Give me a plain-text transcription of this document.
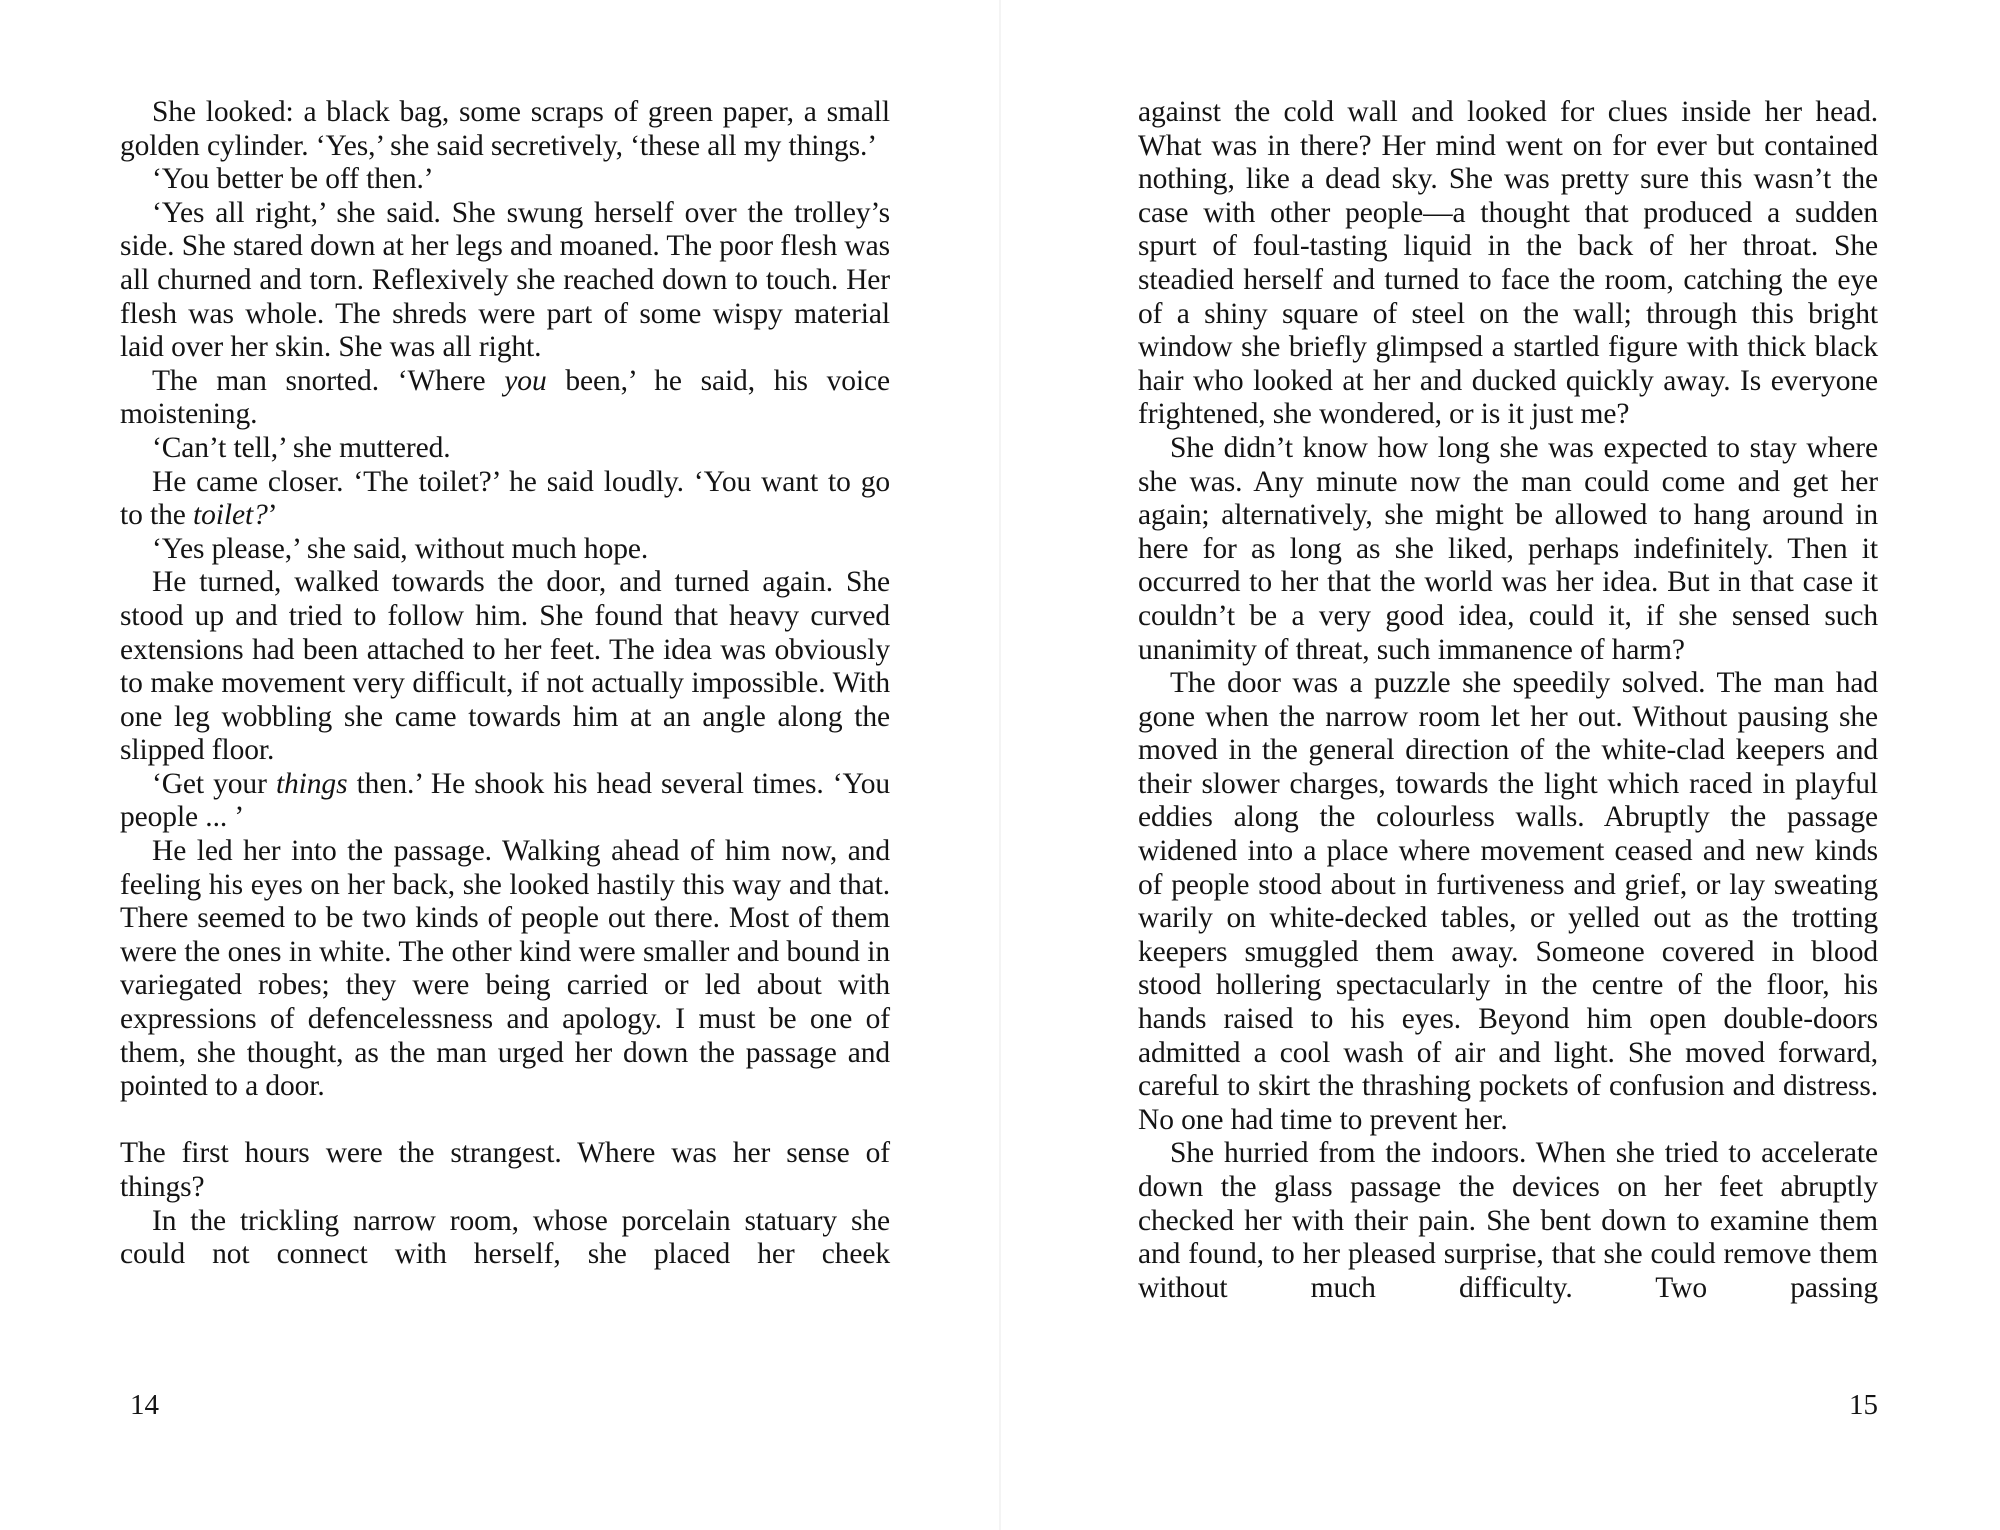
She looked: a black bag, some scraps of green paper, a small golden cylinder. ‘Yes,’ she said secretively, ‘these all my things.’

‘You better be off then.’

‘Yes all right,’ she said. She swung herself over the trolley’s side. She stared down at her legs and moaned. The poor flesh was all churned and torn. Reflexively she reached down to touch. Her flesh was whole. The shreds were part of some wispy material laid over her skin. She was all right.

The man snorted. ‘Where you been,’ he said, his voice moistening.

‘Can’t tell,’ she muttered.

He came closer. ‘The toilet?’ he said loudly. ‘You want to go to the toilet?’

‘Yes please,’ she said, without much hope.

He turned, walked towards the door, and turned again. She stood up and tried to follow him. She found that heavy curved extensions had been attached to her feet. The idea was obviously to make movement very difficult, if not actually impossible. With one leg wobbling she came towards him at an angle along the slipped floor.

‘Get your things then.’ He shook his head several times. ‘You people ... ’

He led her into the passage. Walking ahead of him now, and feeling his eyes on her back, she looked hastily this way and that. There seemed to be two kinds of people out there. Most of them were the ones in white. The other kind were smaller and bound in variegated robes; they were being carried or led about with expressions of defencelessness and apology. I must be one of them, she thought, as the man urged her down the passage and pointed to a door.

The first hours were the strangest. Where was her sense of things?

In the trickling narrow room, whose porcelain statuary she could not connect with herself, she placed her cheek

14

against the cold wall and looked for clues inside her head. What was in there? Her mind went on for ever but contained nothing, like a dead sky. She was pretty sure this wasn’t the case with other people—a thought that produced a sudden spurt of foul-tasting liquid in the back of her throat. She steadied herself and turned to face the room, catching the eye of a shiny square of steel on the wall; through this bright window she briefly glimpsed a startled figure with thick black hair who looked at her and ducked quickly away. Is everyone frightened, she wondered, or is it just me?

She didn’t know how long she was expected to stay where she was. Any minute now the man could come and get her again; alternatively, she might be allowed to hang around in here for as long as she liked, perhaps indefinitely. Then it occurred to her that the world was her idea. But in that case it couldn’t be a very good idea, could it, if she sensed such unanimity of threat, such immanence of harm?

The door was a puzzle she speedily solved. The man had gone when the narrow room let her out. Without pausing she moved in the general direction of the white-clad keepers and their slower charges, towards the light which raced in playful eddies along the colourless walls. Abruptly the passage widened into a place where movement ceased and new kinds of people stood about in furtiveness and grief, or lay sweating warily on white-decked tables, or yelled out as the trotting keepers smuggled them away. Someone covered in blood stood hollering spectacularly in the centre of the floor, his hands raised to his eyes. Beyond him open double-doors admitted a cool wash of air and light. She moved forward, careful to skirt the thrashing pockets of confusion and distress. No one had time to prevent her.

She hurried from the indoors. When she tried to accelerate down the glass passage the devices on her feet abruptly checked her with their pain. She bent down to examine them and found, to her pleased surprise, that she could remove them without much difficulty. Two passing

15
